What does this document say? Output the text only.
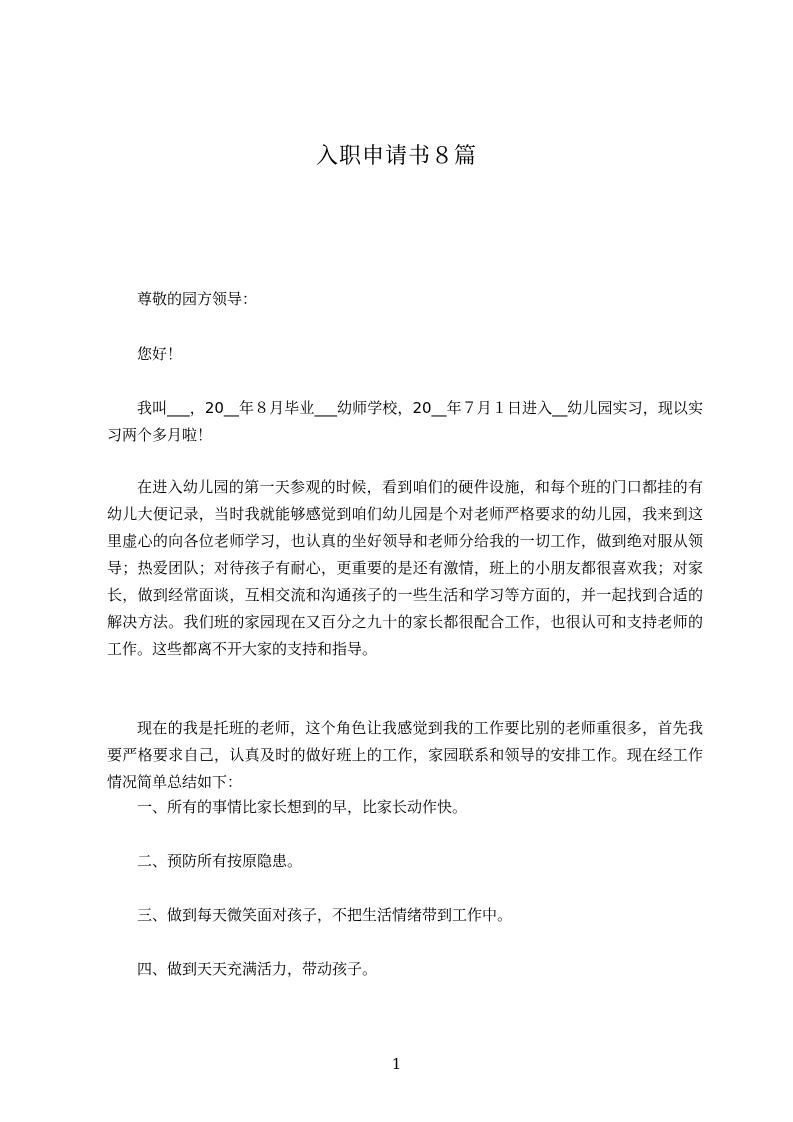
入职申请书８篇

尊敬的园方领导：

您好！

我叫___，20__年８月毕业___幼师学校，20__年７月１日进入__幼儿园实习，现以实习两个多月啦！

在进入幼儿园的第一天参观的时候，看到咱们的硬件设施，和每个班的门口都挂的有幼儿大便记录，当时我就能够感觉到咱们幼儿园是个对老师严格要求的幼儿园，我来到这里虚心的向各位老师学习，也认真的坐好领导和老师分给我的一切工作，做到绝对服从领导；热爱团队；对待孩子有耐心，更重要的是还有激情，班上的小朋友都很喜欢我；对家长，做到经常面谈，互相交流和沟通孩子的一些生活和学习等方面的，并一起找到合适的解决方法。我们班的家园现在又百分之九十的家长都很配合工作，也很认可和支持老师的工作。这些都离不开大家的支持和指导。

现在的我是托班的老师，这个角色让我感觉到我的工作要比别的老师重很多，首先我要严格要求自己，认真及时的做好班上的工作，家园联系和领导的安排工作。现在经工作情况简单总结如下：

一、所有的事情比家长想到的早，比家长动作快。

二、预防所有按原隐患。

三、做到每天微笑面对孩子，不把生活情绪带到工作中。

四、做到天天充满活力，带动孩子。

1
